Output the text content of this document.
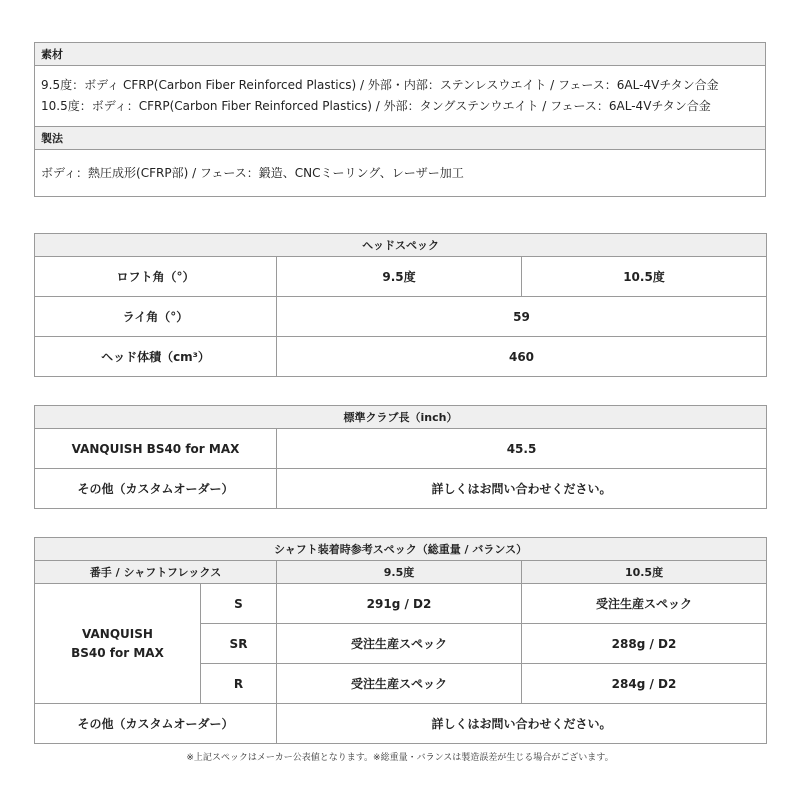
素材

9.5度：ボディ CFRP(Carbon Fiber Reinforced Plastics) / 外部・内部：ステンレスウエイト / フェース：6AL-4Vチタン合金
10.5度：ボディ：CFRP(Carbon Fiber Reinforced Plastics) / 外部：タングステンウエイト / フェース：6AL-4Vチタン合金

製法

ボディ：熱圧成形(CFRP部) / フェース：鍛造、CNCミーリング、レーザー加工
ヘッドスペック		
ロフト角（°）	9.5度	10.5度
ライ角（°）	59	
ヘッド体積（cm³）	460	
標準クラブ長（inch）	
VANQUISH BS40 for MAX	45.5
その他（カスタムオーダー）	詳しくはお問い合わせください。
シャフト装着時参考スペック（総重量 / バランス）			
番手 / シャフトフレックス		9.5度	10.5度

VANQUISH
BS40 for MAX	S	291g / D2	受注生産スペック
	SR	受注生産スペック	288g / D2
	R	受注生産スペック	284g / D2
その他（カスタムオーダー）		詳しくはお問い合わせください。	
※上記スペックはメーカー公表値となります。※総重量・バランスは製造誤差が生じる場合がございます。
